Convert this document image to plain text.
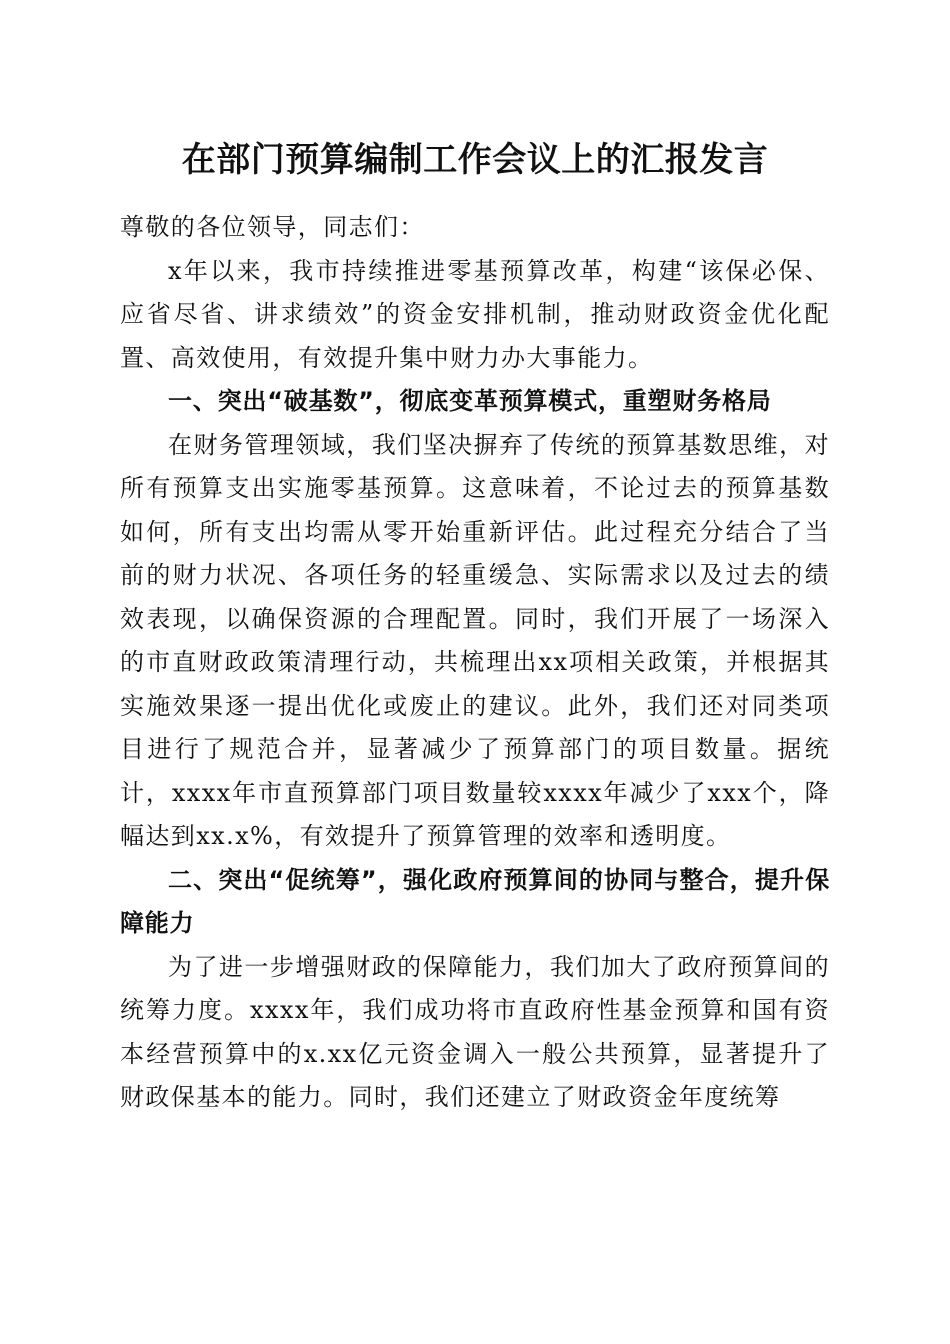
在部门预算编制工作会议上的汇报发言

尊敬的各位领导，同志们：

x年以来，我市持续推进零基预算改革，构建“该保必保、应省尽省、讲求绩效”的资金安排机制，推动财政资金优化配置、高效使用，有效提升集中财力办大事能力。

一、突出“破基数”，彻底变革预算模式，重塑财务格局

在财务管理领域，我们坚决摒弃了传统的预算基数思维，对所有预算支出实施零基预算。这意味着，不论过去的预算基数如何，所有支出均需从零开始重新评估。此过程充分结合了当前的财力状况、各项任务的轻重缓急、实际需求以及过去的绩效表现，以确保资源的合理配置。同时，我们开展了一场深入的市直财政政策清理行动，共梳理出xx项相关政策，并根据其实施效果逐一提出优化或废止的建议。此外，我们还对同类项目进行了规范合并，显著减少了预算部门的项目数量。据统计，xxxx年市直预算部门项目数量较xxxx年减少了xxx个，降幅达到xx.x%，有效提升了预算管理的效率和透明度。

二、突出“促统筹”，强化政府预算间的协同与整合，提升保障能力

为了进一步增强财政的保障能力，我们加大了政府预算间的统筹力度。xxxx年，我们成功将市直政府性基金预算和国有资本经营预算中的x.xx亿元资金调入一般公共预算，显著提升了财政保基本的能力。同时，我们还建立了财政资金年度统筹
